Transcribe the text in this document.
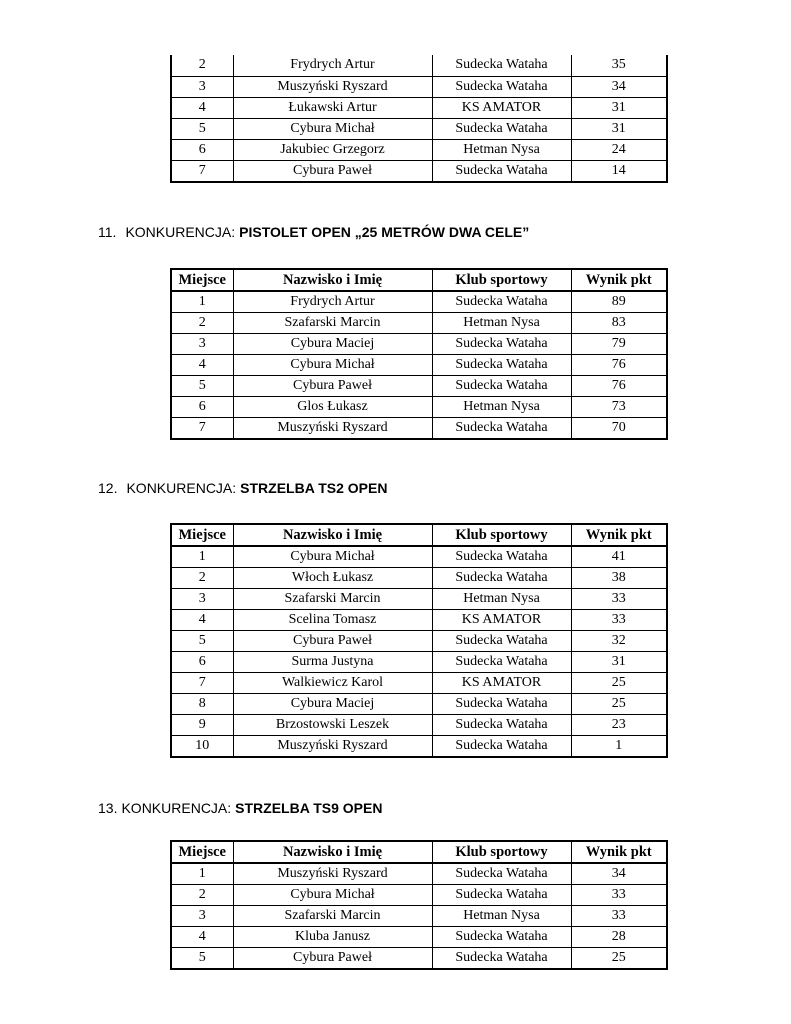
2	Frydrych Artur	Sudecka Wataha	35
3	Muszyński Ryszard	Sudecka Wataha	34
4	Łukawski Artur	KS AMATOR	31
5	Cybura Michał	Sudecka Wataha	31
6	Jakubiec Grzegorz	Hetman Nysa	24
7	Cybura Paweł	Sudecka Wataha	14
11. KONKURENCJA: PISTOLET OPEN „25 METRÓW DWA CELE”
Miejsce	Nazwisko i Imię	Klub sportowy	Wynik pkt
1	Frydrych Artur	Sudecka Wataha	89
2	Szafarski Marcin	Hetman Nysa	83
3	Cybura Maciej	Sudecka Wataha	79
4	Cybura Michał	Sudecka Wataha	76
5	Cybura Paweł	Sudecka Wataha	76
6	Glos Łukasz	Hetman Nysa	73
7	Muszyński Ryszard	Sudecka Wataha	70
12. KONKURENCJA: STRZELBA TS2 OPEN
Miejsce	Nazwisko i Imię	Klub sportowy	Wynik pkt
1	Cybura Michał	Sudecka Wataha	41
2	Włoch Łukasz	Sudecka Wataha	38
3	Szafarski Marcin	Hetman Nysa	33
4	Scelina Tomasz	KS AMATOR	33
5	Cybura Paweł	Sudecka Wataha	32
6	Surma Justyna	Sudecka Wataha	31
7	Walkiewicz Karol	KS AMATOR	25
8	Cybura Maciej	Sudecka Wataha	25
9	Brzostowski Leszek	Sudecka Wataha	23
10	Muszyński Ryszard	Sudecka Wataha	1
13. KONKURENCJA: STRZELBA TS9 OPEN
Miejsce	Nazwisko i Imię	Klub sportowy	Wynik pkt
1	Muszyński Ryszard	Sudecka Wataha	34
2	Cybura Michał	Sudecka Wataha	33
3	Szafarski Marcin	Hetman Nysa	33
4	Kluba Janusz	Sudecka Wataha	28
5	Cybura Paweł	Sudecka Wataha	25
